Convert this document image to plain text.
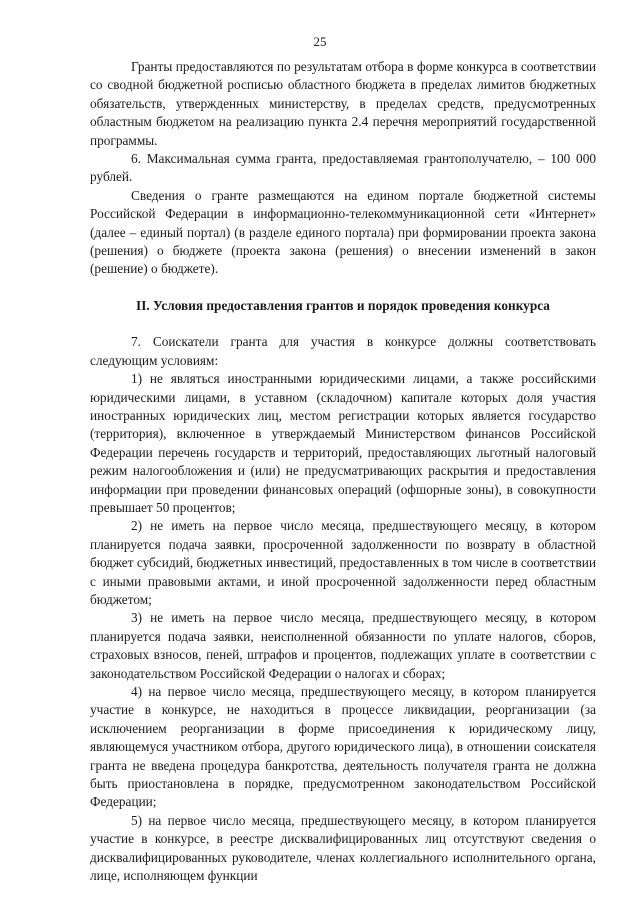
25

Гранты предоставляются по результатам отбора в форме конкурса в соответствии со сводной бюджетной росписью областного бюджета в пределах лимитов бюджетных обязательств, утвержденных министерству, в пределах средств, предусмотренных областным бюджетом на реализацию пункта 2.4 перечня мероприятий государственной программы.

6. Максимальная сумма гранта, предоставляемая грантополучателю, – 100 000 рублей.

Сведения о гранте размещаются на едином портале бюджетной системы Российской Федерации в информационно-телекоммуникационной сети «Интернет» (далее – единый портал) (в разделе единого портала) при формировании проекта закона (решения) о бюджете (проекта закона (решения) о внесении изменений в закон (решение) о бюджете).

II. Условия предоставления грантов и порядок проведения конкурса

7. Соискатели гранта для участия в конкурсе должны соответствовать следующим условиям:

1) не являться иностранными юридическими лицами, а также российскими юридическими лицами, в уставном (складочном) капитале которых доля участия иностранных юридических лиц, местом регистрации которых является государство (территория), включенное в утверждаемый Министерством финансов Российской Федерации перечень государств и территорий, предоставляющих льготный налоговый режим налогообложения и (или) не предусматривающих раскрытия и предоставления информации при проведении финансовых операций (офшорные зоны), в совокупности превышает 50 процентов;

2) не иметь на первое число месяца, предшествующего месяцу, в котором планируется подача заявки, просроченной задолженности по возврату в областной бюджет субсидий, бюджетных инвестиций, предоставленных в том числе в соответствии с иными правовыми актами, и иной просроченной задолженности перед областным бюджетом;

3) не иметь на первое число месяца, предшествующего месяцу, в котором планируется подача заявки, неисполненной обязанности по уплате налогов, сборов, страховых взносов, пеней, штрафов и процентов, подлежащих уплате в соответствии с законодательством Российской Федерации о налогах и сборах;

4) на первое число месяца, предшествующего месяцу, в котором планируется участие в конкурсе, не находиться в процессе ликвидации, реорганизации (за исключением реорганизации в форме присоединения к юридическому лицу, являющемуся участником отбора, другого юридического лица), в отношении соискателя гранта не введена процедура банкротства, деятельность получателя гранта не должна быть приостановлена в порядке, предусмотренном законодательством Российской Федерации;

5) на первое число месяца, предшествующего месяцу, в котором планируется участие в конкурсе, в реестре дисквалифицированных лиц отсутствуют сведения о дисквалифицированных руководителе, членах коллегиального исполнительного органа, лице, исполняющем функции
